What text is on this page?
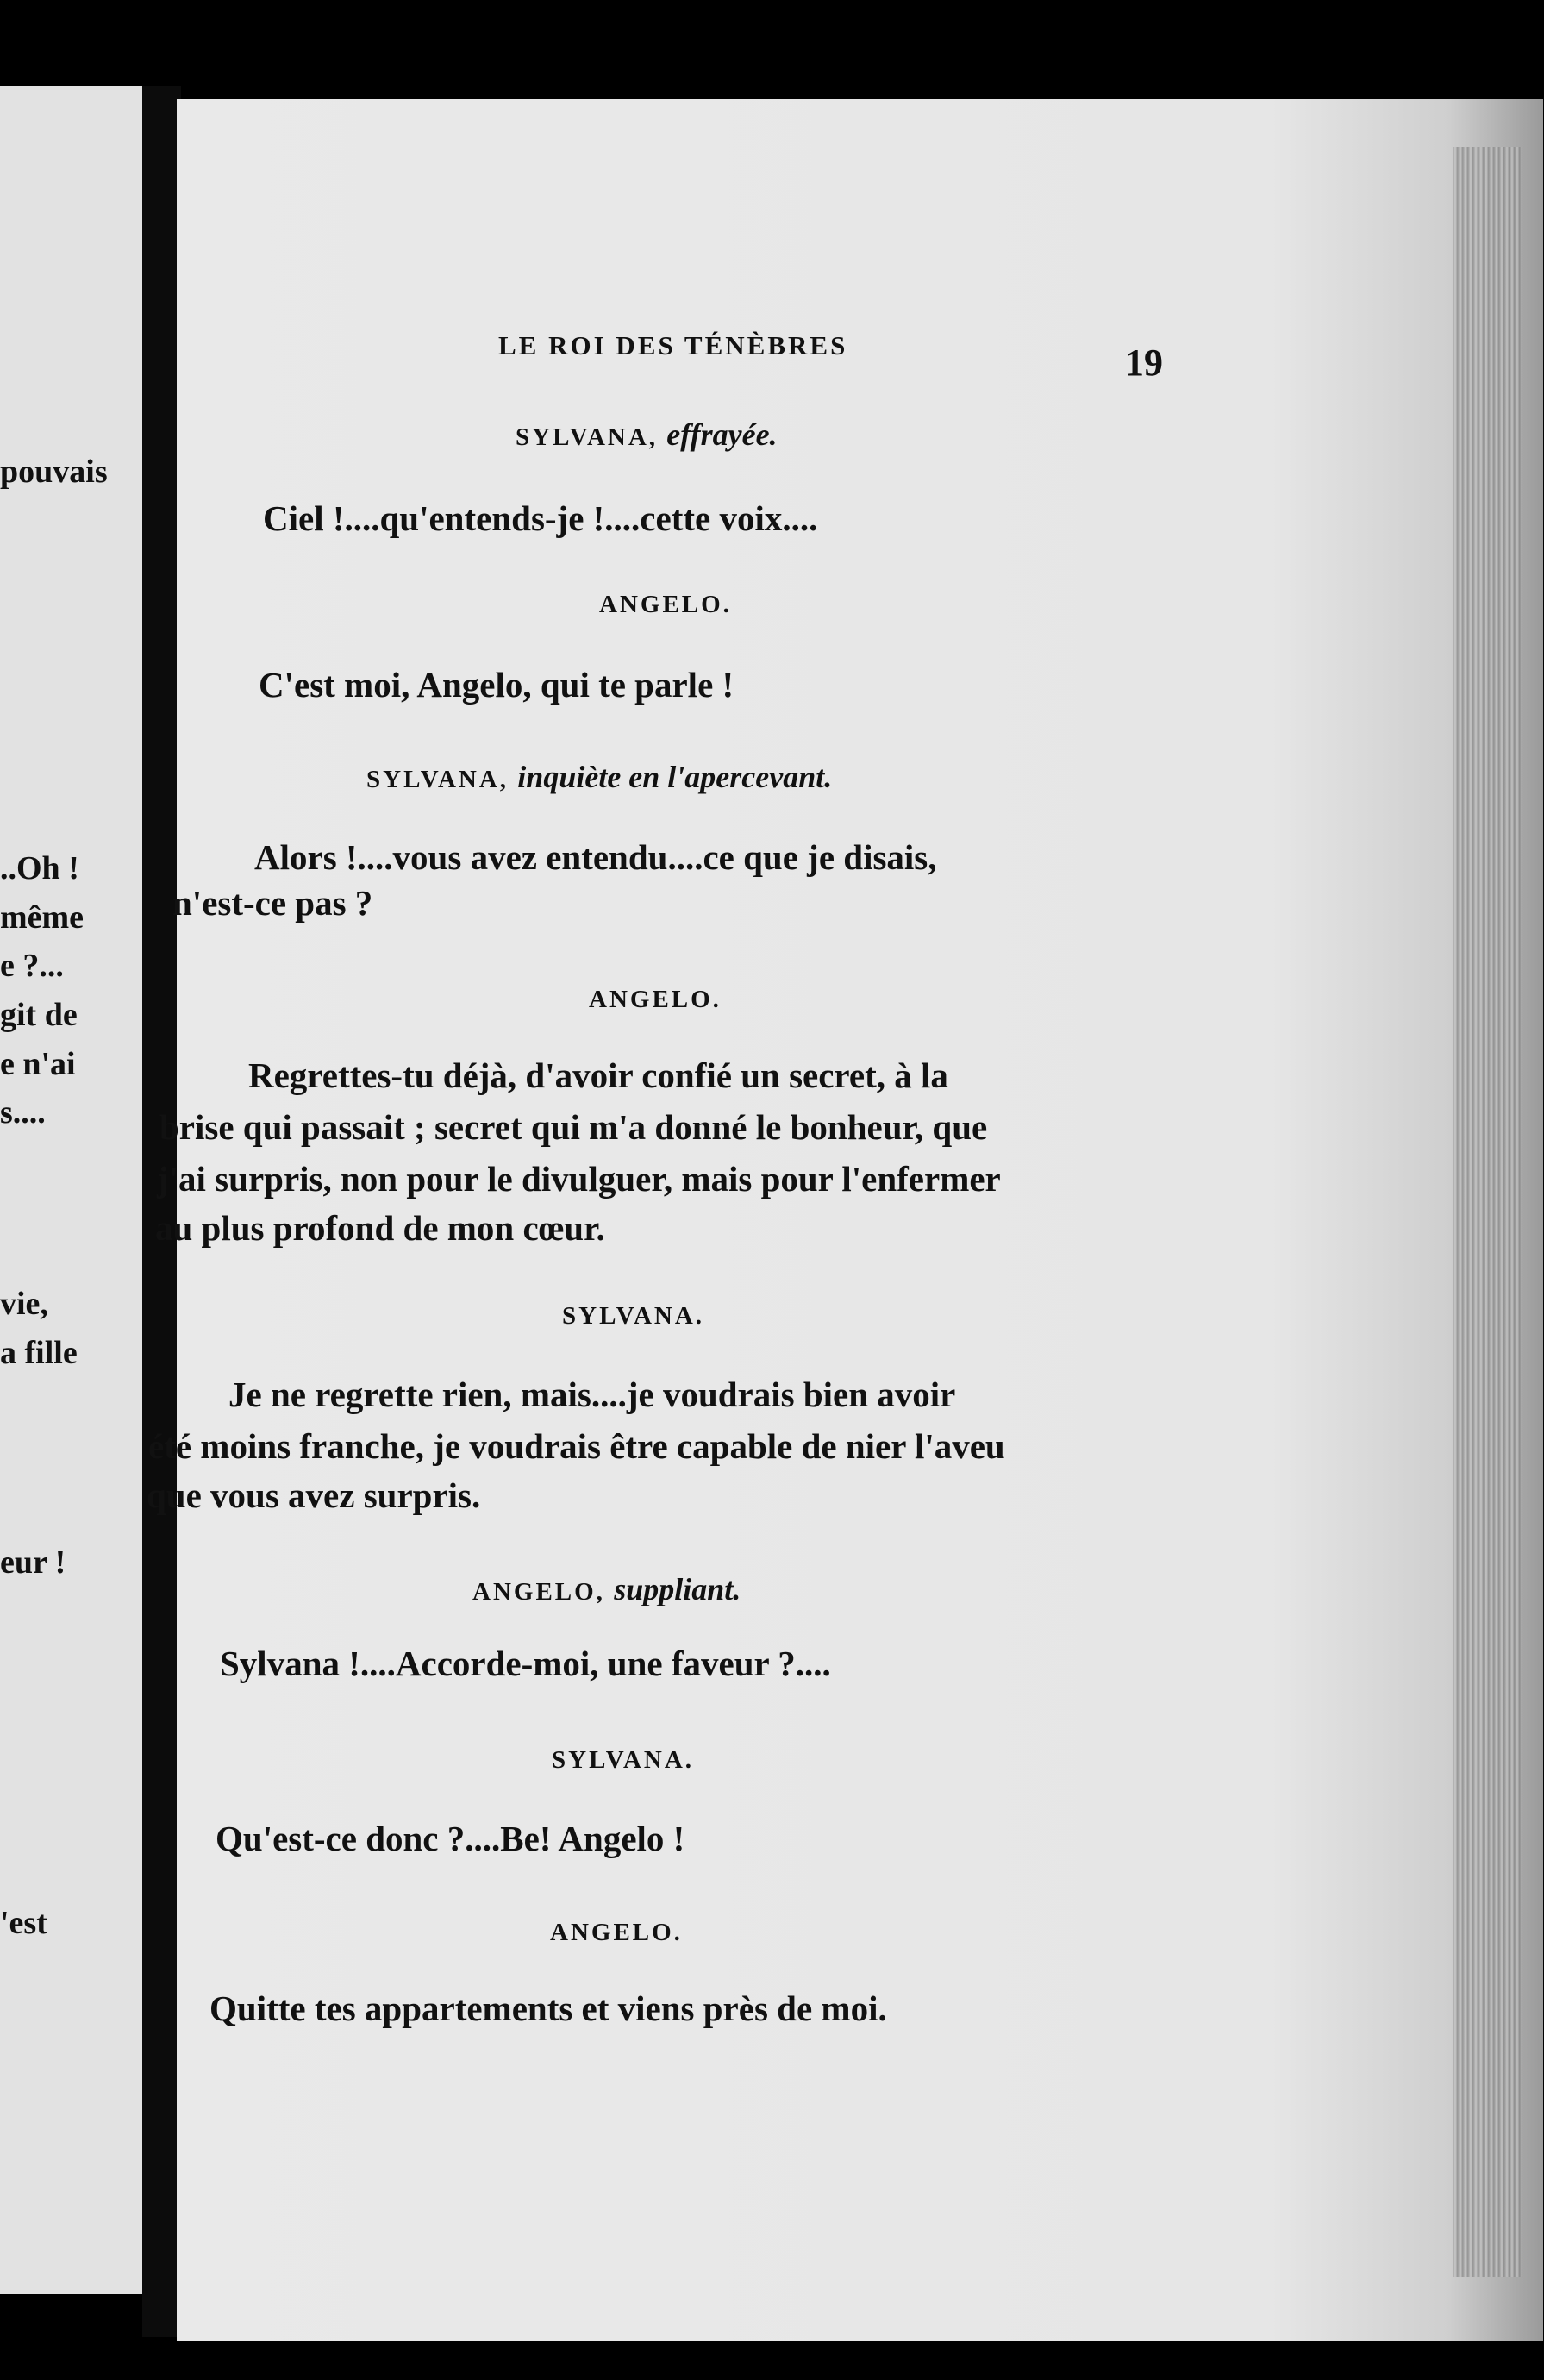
pouvais
..Oh !
même
e ?...
git de
e n'ai
s....
vie,
a fille
eur !
'est
LE ROI DES TÉNÈBRES	19
SYLVANA, effrayée.
Ciel !....qu'entends-je !....cette voix....
ANGELO.
C'est moi, Angelo, qui te parle !
SYLVANA, inquiète en l'apercevant.
Alors !....vous avez entendu....ce que je disais,
n'est-ce pas ?
ANGELO.
Regrettes-tu déjà, d'avoir confié un secret, à la
brise qui passait ; secret qui m'a donné le bonheur, que
j'ai surpris, non pour le divulguer, mais pour l'enfermer
au plus profond de mon cœur.
SYLVANA.
Je ne regrette rien, mais....je voudrais bien avoir
été moins franche, je voudrais être capable de nier l'aveu
que vous avez surpris.
ANGELO, suppliant.
Sylvana !....Accorde-moi, une faveur ?....
SYLVANA.
Qu'est-ce donc ?....Be! Angelo !
ANGELO.
Quitte tes appartements et viens près de moi.
